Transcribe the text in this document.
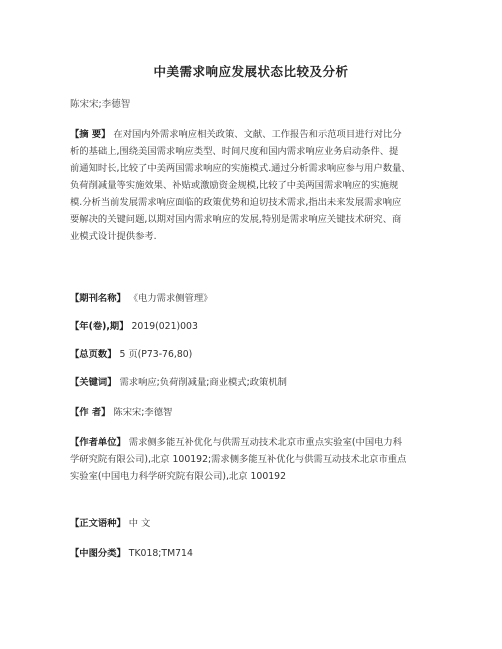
中美需求响应发展状态比较及分析
陈宋宋;李德智
【摘 要】 在对国内外需求响应相关政策、文献、工作报告和示范项目进行对比分
析的基础上,围绕美国需求响应类型、时间尺度和国内需求响应业务启动条件、提
前通知时长,比较了中美两国需求响应的实施模式.通过分析需求响应参与用户数量、
负荷削减量等实施效果、补贴或激励资金规模,比较了中美两国需求响应的实施规
模.分析当前发展需求响应面临的政策优势和迫切技术需求,指出未来发展需求响应
要解决的关键问题,以期对国内需求响应的发展,特别是需求响应关键技术研究、商
业模式设计提供参考.
【期刊名称】 《电力需求侧管理》
【年(卷),期】 2019(021)003
【总页数】 5 页(P73-76,80)
【关键词】 需求响应;负荷削减量;商业模式;政策机制
【作 者】 陈宋宋;李德智
【作者单位】 需求侧多能互补优化与供需互动技术北京市重点实验室(中国电力科
学研究院有限公司),北京 100192;需求侧多能互补优化与供需互动技术北京市重点
实验室(中国电力科学研究院有限公司),北京 100192
【正文语种】 中 文
【中图分类】 TK018;TM714
